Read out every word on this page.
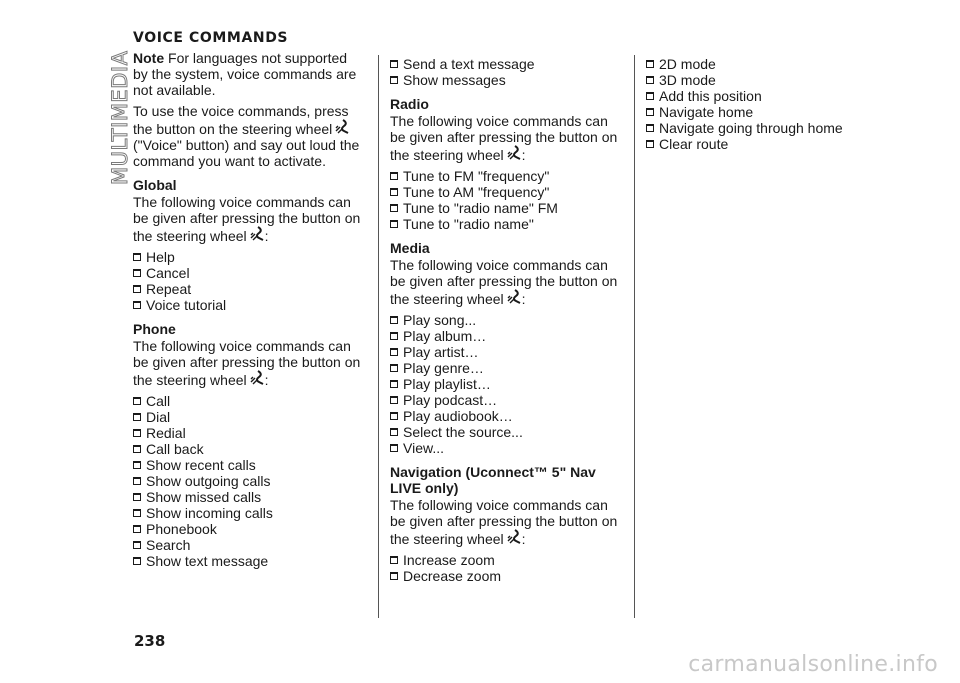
MULTIMEDIA
VOICE COMMANDS

Note For languages not supported by the system, voice commands are not available.

To use the voice commands, press the button on the steering wheel ("Voice" button) and say out loud the command you want to activate.

Global

The following voice commands can be given after pressing the button on the steering wheel :

Help
Cancel
Repeat
Voice tutorial
Phone

The following voice commands can be given after pressing the button on the steering wheel :

Call
Dial
Redial
Call back
Show recent calls
Show outgoing calls
Show missed calls
Show incoming calls
Phonebook
Search
Show text message
Send a text message
Show messages
Radio

The following voice commands can be given after pressing the button on the steering wheel :

Tune to FM "frequency"
Tune to AM "frequency"
Tune to "radio name" FM
Tune to "radio name"
Media

The following voice commands can be given after pressing the button on the steering wheel :

Play song...
Play album…
Play artist…
Play genre…
Play playlist…
Play podcast…
Play audiobook…
Select the source...
View...
Navigation (Uconnect™ 5" Nav LIVE only)

The following voice commands can be given after pressing the button on the steering wheel :

Increase zoom
Decrease zoom
2D mode
3D mode
Add this position
Navigate home
Navigate going through home
Clear route
238
carmanualsonline.info
